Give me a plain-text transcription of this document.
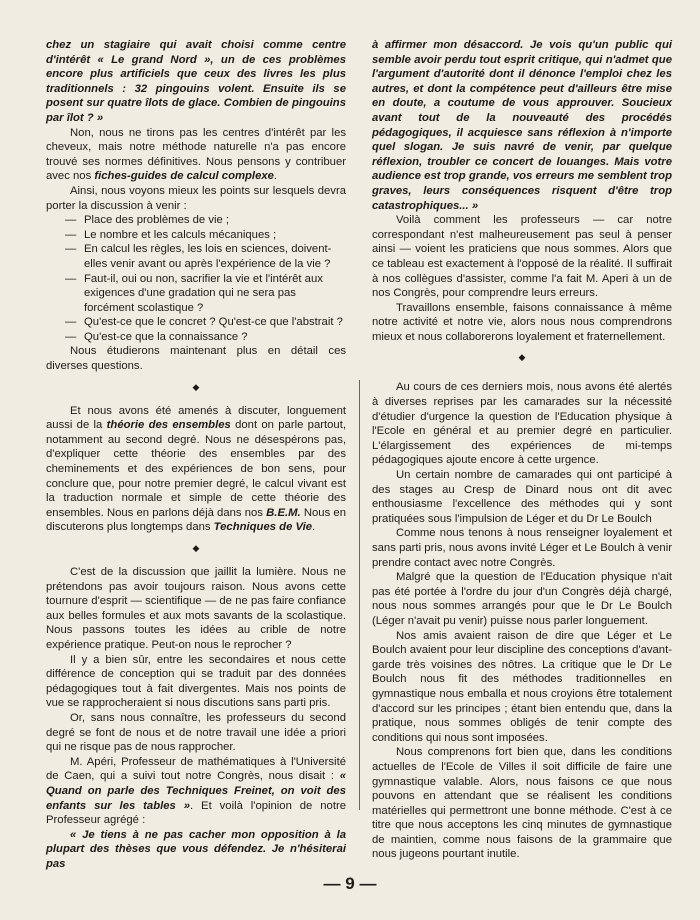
chez un stagiaire qui avait choisi comme centre d'intérêt « Le grand Nord », un de ces problèmes encore plus artificiels que ceux des livres les plus traditionnels : 32 pingouins volent. Ensuite ils se posent sur quatre îlots de glace. Combien de pingouins par îlot ? »

Non, nous ne tirons pas les centres d'intérêt par les cheveux, mais notre méthode naturelle n'a pas encore trouvé ses normes définitives. Nous pensons y contribuer avec nos fiches-guides de calcul complexe.

Ainsi, nous voyons mieux les points sur lesquels devra porter la discussion à venir :

— Place des problèmes de vie ;
— Le nombre et les calculs mécaniques ;
— En calcul les règles, les lois en sciences, doivent-elles venir avant ou après l'expérience de la vie ?
— Faut-il, oui ou non, sacrifier la vie et l'intérêt aux exigences d'une gradation qui ne sera pas forcément scolastique ?
— Qu'est-ce que le concret ? Qu'est-ce que l'abstrait ?
— Qu'est-ce que la connaissance ?

Nous étudierons maintenant plus en détail ces diverses questions.

◆

Et nous avons été amenés à discuter, longuement aussi de la théorie des ensembles dont on parle partout, notamment au second degré. Nous ne désespérons pas, d'expliquer cette théorie des ensembles par des cheminements et des expériences de bon sens, pour conclure que, pour notre premier degré, le calcul vivant est la traduction normale et simple de cette théorie des ensembles. Nous en parlons déjà dans nos B.E.M. Nous en discuterons plus longtemps dans Techniques de Vie.

◆

C'est de la discussion que jaillit la lumière. Nous ne prétendons pas avoir toujours raison. Nous avons cette tournure d'esprit — scientifique — de ne pas faire confiance aux belles formules et aux mots savants de la scolastique. Nous passons toutes les idées au crible de notre expérience pratique. Peut-on nous le reprocher ?

Il y a bien sûr, entre les secondaires et nous cette différence de conception qui se traduit par des données pédagogiques tout à fait divergentes. Mais nos points de vue se rapprocheraient si nous discutions sans parti pris.

Or, sans nous connaître, les professeurs du second degré se font de nous et de notre travail une idée a priori qui ne risque pas de nous rapprocher.

M. Apéri, Professeur de mathématiques à l'Université de Caen, qui a suivi tout notre Congrès, nous disait : « Quand on parle des Techniques Freinet, on voit des enfants sur les tables ». Et voilà l'opinion de notre Professeur agrégé :

« Je tiens à ne pas cacher mon opposition à la plupart des thèses que vous défendez. Je n'hésiterai pas

à affirmer mon désaccord. Je vois qu'un public qui semble avoir perdu tout esprit critique, qui n'admet que l'argument d'autorité dont il dénonce l'emploi chez les autres, et dont la compétence peut d'ailleurs être mise en doute, a coutume de vous approuver. Soucieux avant tout de la nouveauté des procédés pédagogiques, il acquiesce sans réflexion à n'importe quel slogan. Je suis navré de venir, par quelque réflexion, troubler ce concert de louanges. Mais votre audience est trop grande, vos erreurs me semblent trop graves, leurs conséquences risquent d'être trop catastrophiques... »

Voilà comment les professeurs — car notre correspondant n'est malheureusement pas seul à penser ainsi — voient les praticiens que nous sommes. Alors que ce tableau est exactement à l'opposé de la réalité. Il suffirait à nos collègues d'assister, comme l'a fait M. Aperi à un de nos Congrès, pour comprendre leurs erreurs.

Travaillons ensemble, faisons connaissance à même notre activité et notre vie, alors nous nous comprendrons mieux et nous collaborerons loyalement et fraternellement.

◆

Au cours de ces derniers mois, nous avons été alertés à diverses reprises par les camarades sur la nécessité d'étudier d'urgence la question de l'Education physique à l'Ecole en général et au premier degré en particulier. L'élargissement des expériences de mi-temps pédagogiques ajoute encore à cette urgence.

Un certain nombre de camarades qui ont participé à des stages au Cresp de Dinard nous ont dit avec enthousiasme l'excellence des méthodes qui y sont pratiquées sous l'impulsion de Léger et du Dr Le Boulch

Comme nous tenons à nous renseigner loyalement et sans parti pris, nous avons invité Léger et Le Boulch à venir prendre contact avec notre Congrès.

Malgré que la question de l'Education physique n'ait pas été portée à l'ordre du jour d'un Congrès déjà chargé, nous nous sommes arrangés pour que le Dr Le Boulch (Léger n'avait pu venir) puisse nous parler longuement.

Nos amis avaient raison de dire que Léger et Le Boulch avaient pour leur discipline des conceptions d'avant-garde très voisines des nôtres. La critique que le Dr Le Boulch nous fit des méthodes traditionnelles en gymnastique nous emballa et nous croyions être totalement d'accord sur les principes ; étant bien entendu que, dans la pratique, nous sommes obligés de tenir compte des conditions qui nous sont imposées.

Nous comprenons fort bien que, dans les conditions actuelles de l'Ecole de Villes il soit difficile de faire une gymnastique valable. Alors, nous faisons ce que nous pouvons en attendant que se réalisent les conditions matérielles qui permettront une bonne méthode. C'est à ce titre que nous acceptons les cinq minutes de gymnastique de maintien, comme nous faisons de la grammaire que nous jugeons pourtant inutile.

— 9 —
